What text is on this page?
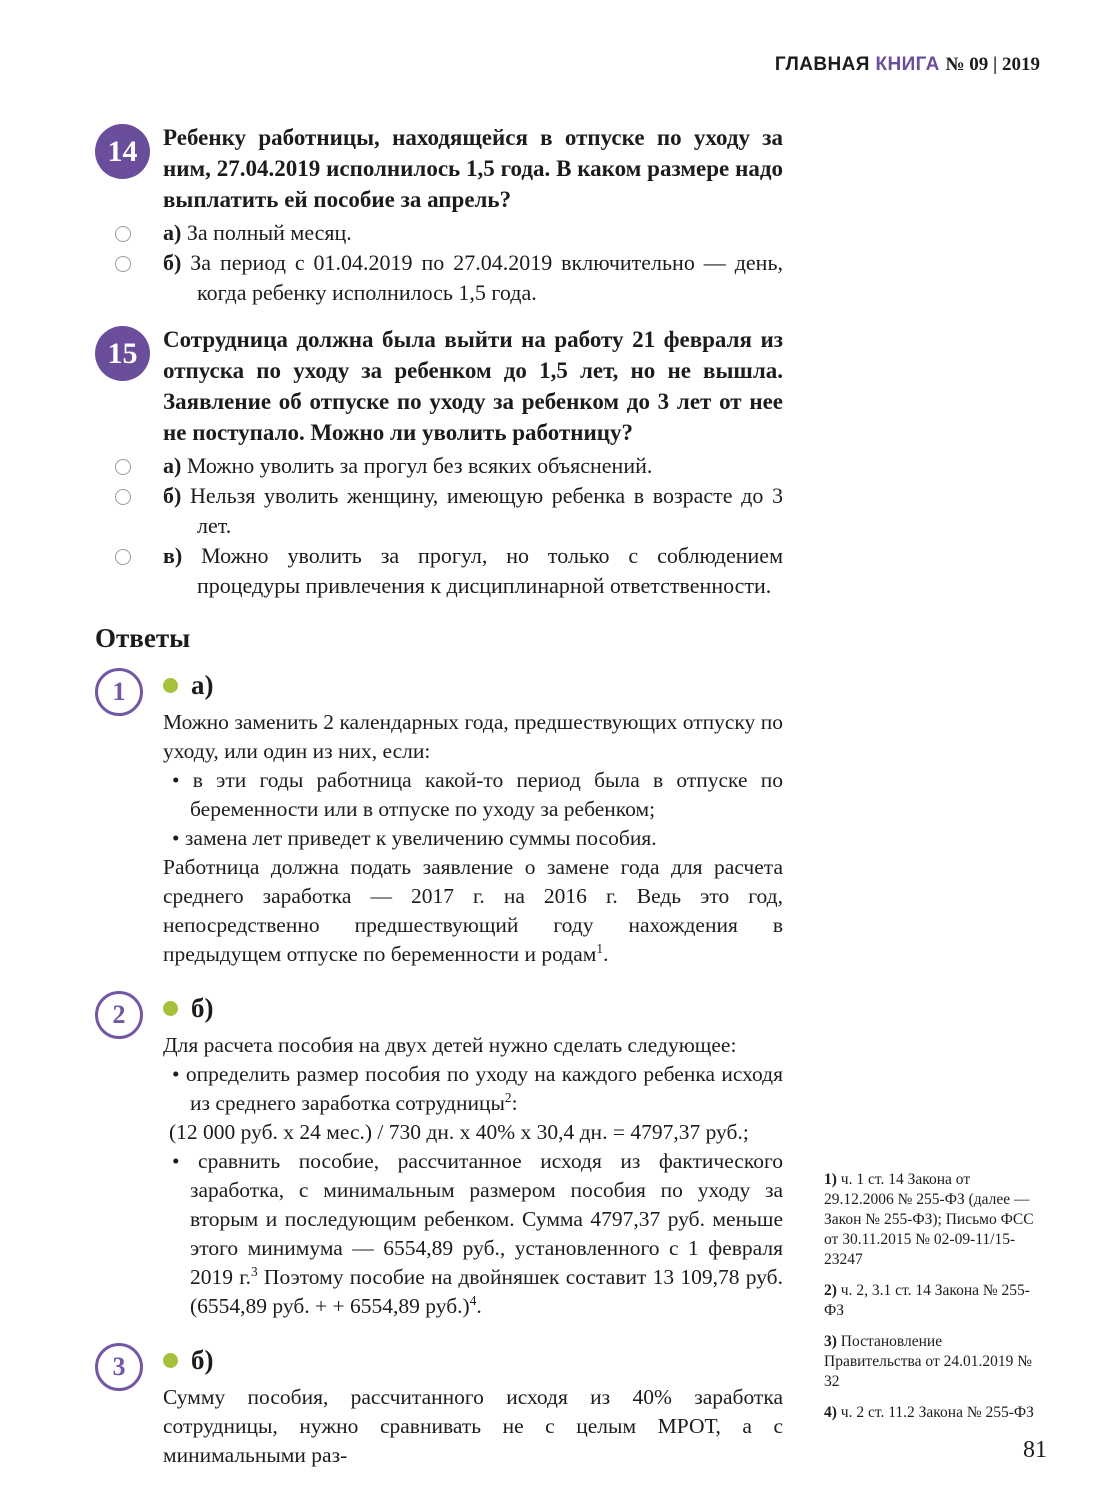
ГЛАВНАЯ КНИГА № 09 | 2019
14	Ребенку работницы, находящейся в отпуске по уходу за ним, 27.04.2019 исполнилось 1,5 года. В каком размере надо выплатить ей пособие за апрель?
а) За полный месяц.
б) За период с 01.04.2019 по 27.04.2019 включительно — день, когда ребенку исполнилось 1,5 года.
15	Сотрудница должна была выйти на работу 21 февраля из отпуска по уходу за ребенком до 1,5 лет, но не вышла. Заявление об отпуске по уходу за ребенком до 3 лет от нее не поступало. Можно ли уволить работницу?
а) Можно уволить за прогул без всяких объяснений.
б) Нельзя уволить женщину, имеющую ребенка в возрасте до 3 лет.
в) Можно уволить за прогул, но только с соблюдением процедуры привлечения к дисциплинарной ответственности.
Ответы
1	а)
Можно заменить 2 календарных года, предшествующих отпуску по уходу, или один из них, если:
• в эти годы работница какой-то период была в отпуске по беременности или в отпуске по уходу за ребенком;
• замена лет приведет к увеличению суммы пособия.
Работница должна подать заявление о замене года для расчета среднего заработка — 2017 г. на 2016 г. Ведь это год, непосредственно предшествующий году нахождения в предыдущем отпуске по беременности и родам$^1$.
2	б)
Для расчета пособия на двух детей нужно сделать следующее:
• определить размер пособия по уходу на каждого ребенка исходя из среднего заработка сотрудницы$^2$:
(12 000 руб. х 24 мес.) / 730 дн. х 40% х 30,4 дн. = 4797,37 руб.;
• сравнить пособие, рассчитанное исходя из фактического заработка, с минимальным размером пособия по уходу за вторым и последующим ребенком. Сумма 4797,37 руб. меньше этого минимума — 6554,89 руб., установленного с 1 февраля 2019 г.$^3$ Поэтому пособие на двойняшек составит 13 109,78 руб. (6554,89 руб. + + 6554,89 руб.)$^4$.
3	б)
Сумму пособия, рассчитанного исходя из 40% заработка сотрудницы, нужно сравнивать не с целым МРОТ, а с минимальными раз-
1) ч. 1 ст. 14 Закона от 29.12.2006 № 255-ФЗ (далее — Закон № 255-ФЗ); Письмо ФСС от 30.11.2015 № 02-09-11/15-23247
2) ч. 2, 3.1 ст. 14 Закона № 255-ФЗ
3) Постановление Правительства от 24.01.2019 № 32
4) ч. 2 ст. 11.2 Закона № 255-ФЗ
81
